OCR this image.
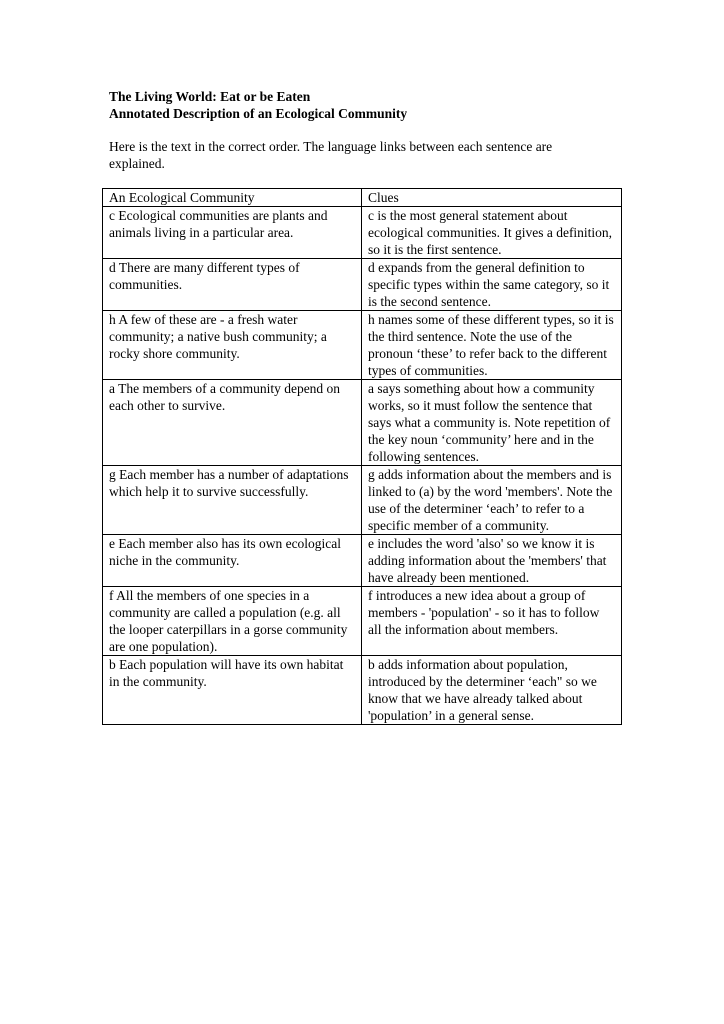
The Living World: Eat or be Eaten

Annotated Description of an Ecological Community

Here is the text in the correct order. The language links between each sentence are explained.

An Ecological Community	Clues
c Ecological communities are plants and animals living in a particular area.	c is the most general statement about ecological communities. It gives a definition, so it is the first sentence.
d There are many different types of communities.	d expands from the general definition to specific types within the same category, so it is the second sentence.
h A few of these are - a fresh water community; a native bush community; a rocky shore community.	h names some of these different types, so it is the third sentence. Note the use of the pronoun ‘these’ to refer back to the different types of communities.
a The members of a community depend on each other to survive.	a says something about how a community works, so it must follow the sentence that says what a community is. Note repetition of the key noun ‘community’ here and in the following sentences.
g Each member has a number of adaptations which help it to survive successfully.	g adds information about the members and is linked to (a) by the word 'members'. Note the use of the determiner ‘each’ to refer to a specific member of a community.
e Each member also has its own ecological niche in the community.	e includes the word 'also' so we know it is adding information about the 'members' that have already been mentioned.
f All the members of one species in a community are called a population (e.g. all the looper caterpillars in a gorse community are one population).	f introduces a new idea about a group of members - 'population' - so it has to follow all the information about members.
b Each population will have its own habitat in the community.	b adds information about population, introduced by the determiner ‘each" so we know that we have already talked about 'population’ in a general sense.
